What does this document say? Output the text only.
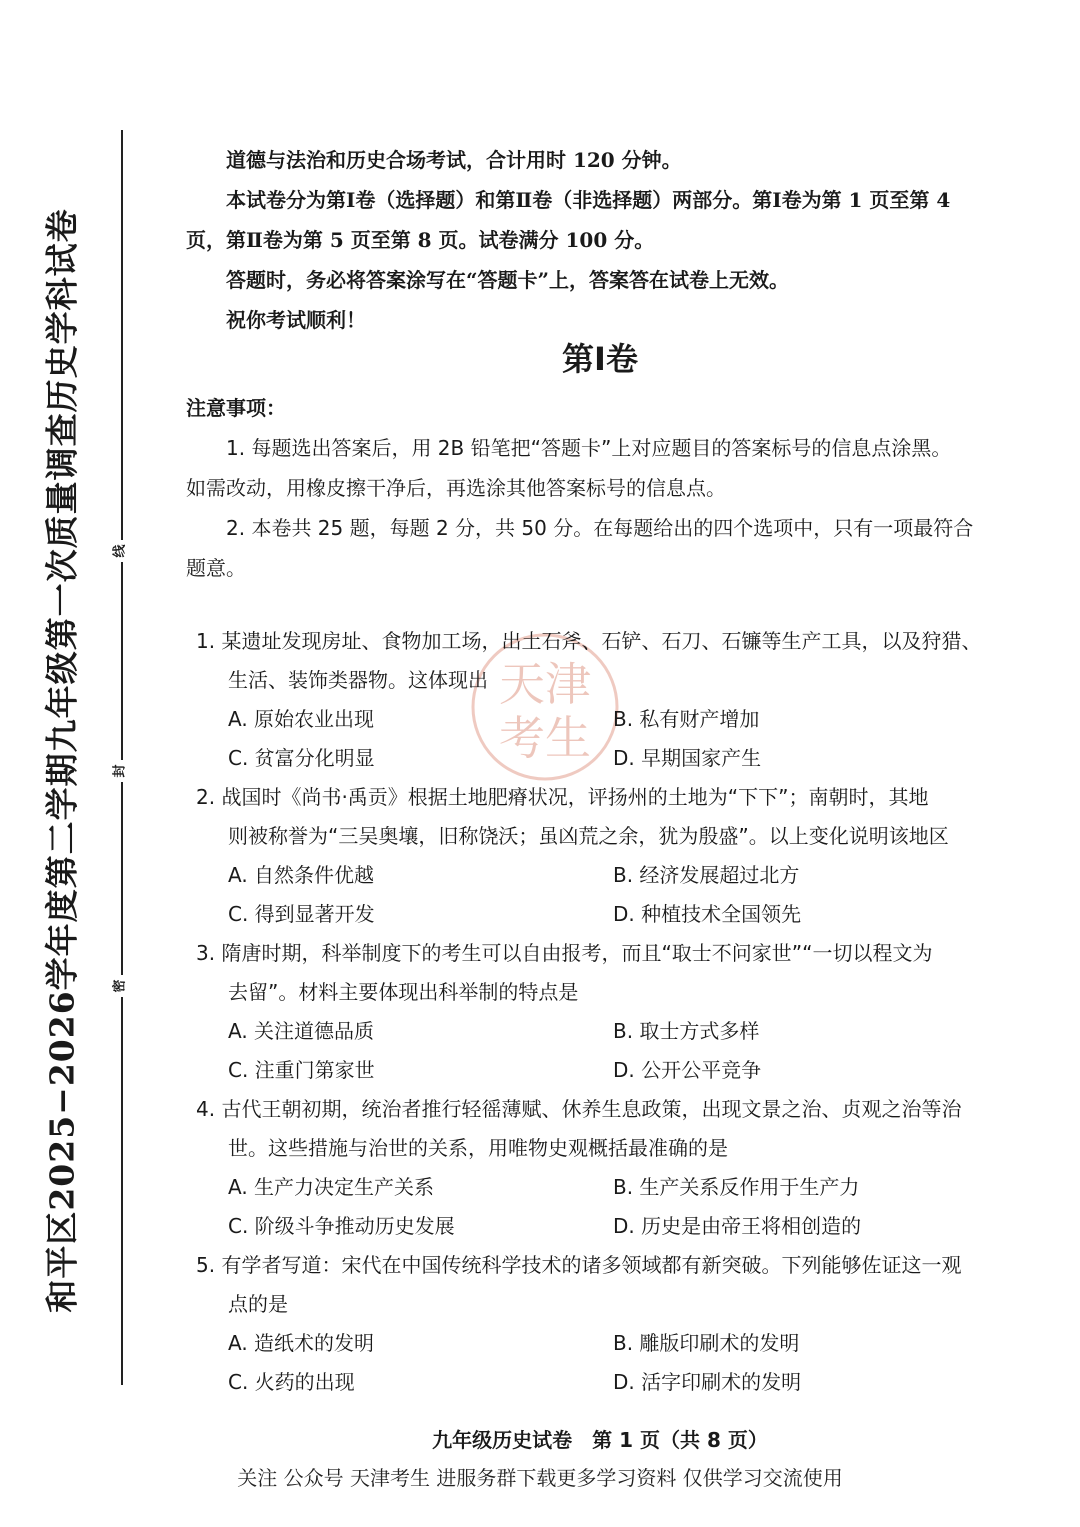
和平区2025−2026学年度第二学期九年级第一次质量调查历史学科试卷 线
封
密

道德与法治和历史合场考试，合计用时 120 分钟。

本试卷分为第Ⅰ卷（选择题）和第Ⅱ卷（非选择题）两部分。第Ⅰ卷为第 1 页至第 4

页，第Ⅱ卷为第 5 页至第 8 页。试卷满分 100 分。

答题时，务必将答案涂写在“答题卡”上，答案答在试卷上无效。

祝你考试顺利！

第Ⅰ卷

注意事项：

1. 每题选出答案后，用 2B 铅笔把“答题卡”上对应题目的答案标号的信息点涂黑。

如需改动，用橡皮擦干净后，再选涂其他答案标号的信息点。

2. 本卷共 25 题，每题 2 分，共 50 分。在每题给出的四个选项中，只有一项最符合

题意。

天津
考生

1. 某遗址发现房址、食物加工场，出土石斧、石铲、石刀、石镰等生产工具，以及狩猎、

生活、装饰类器物。这体现出

A. 原始农业出现	B. 私有财产增加
C. 贫富分化明显	D. 早期国家产生

2. 战国时《尚书·禹贡》根据土地肥瘠状况，评扬州的土地为“下下”；南朝时，其地

则被称誉为“三吴奥壤，旧称饶沃；虽凶荒之余，犹为殷盛”。以上变化说明该地区

A. 自然条件优越	B. 经济发展超过北方
C. 得到显著开发	D. 种植技术全国领先

3. 隋唐时期，科举制度下的考生可以自由报考，而且“取士不问家世”“一切以程文为

去留”。材料主要体现出科举制的特点是

A. 关注道德品质	B. 取士方式多样
C. 注重门第家世	D. 公开公平竞争

4. 古代王朝初期，统治者推行轻徭薄赋、休养生息政策，出现文景之治、贞观之治等治

世。这些措施与治世的关系，用唯物史观概括最准确的是

A. 生产力决定生产关系	B. 生产关系反作用于生产力
C. 阶级斗争推动历史发展	D. 历史是由帝王将相创造的

5. 有学者写道：宋代在中国传统科学技术的诸多领域都有新突破。下列能够佐证这一观

点的是

A. 造纸术的发明	B. 雕版印刷术的发明
C. 火药的出现	D. 活字印刷术的发明
九年级历史试卷　第 1 页（共 8 页）
关注 公众号 天津考生 进服务群下载更多学习资料 仅供学习交流使用
